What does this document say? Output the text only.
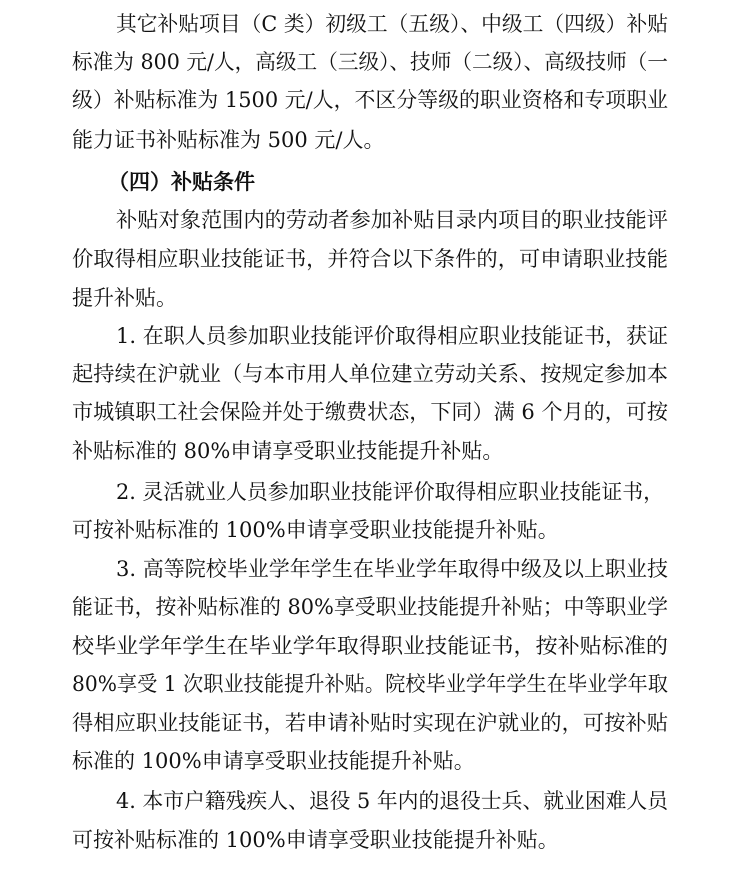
其它补贴项目（C 类）初级工（五级）、中级工（四级）补贴
标准为 800 元/人，高级工（三级）、技师（二级）、高级技师（一
级）补贴标准为 1500 元/人，不区分等级的职业资格和专项职业
能力证书补贴标准为 500 元/人。
（四）补贴条件
补贴对象范围内的劳动者参加补贴目录内项目的职业技能评
价取得相应职业技能证书，并符合以下条件的，可申请职业技能
提升补贴。
1. 在职人员参加职业技能评价取得相应职业技能证书，获证
起持续在沪就业（与本市用人单位建立劳动关系、按规定参加本
市城镇职工社会保险并处于缴费状态，下同）满 6 个月的，可按
补贴标准的 80%申请享受职业技能提升补贴。
2. 灵活就业人员参加职业技能评价取得相应职业技能证书，
可按补贴标准的 100%申请享受职业技能提升补贴。
3. 高等院校毕业学年学生在毕业学年取得中级及以上职业技
能证书，按补贴标准的 80%享受职业技能提升补贴；中等职业学
校毕业学年学生在毕业学年取得职业技能证书，按补贴标准的
80%享受 1 次职业技能提升补贴。院校毕业学年学生在毕业学年取
得相应职业技能证书，若申请补贴时实现在沪就业的，可按补贴
标准的 100%申请享受职业技能提升补贴。
4. 本市户籍残疾人、退役 5 年内的退役士兵、就业困难人员
可按补贴标准的 100%申请享受职业技能提升补贴。
